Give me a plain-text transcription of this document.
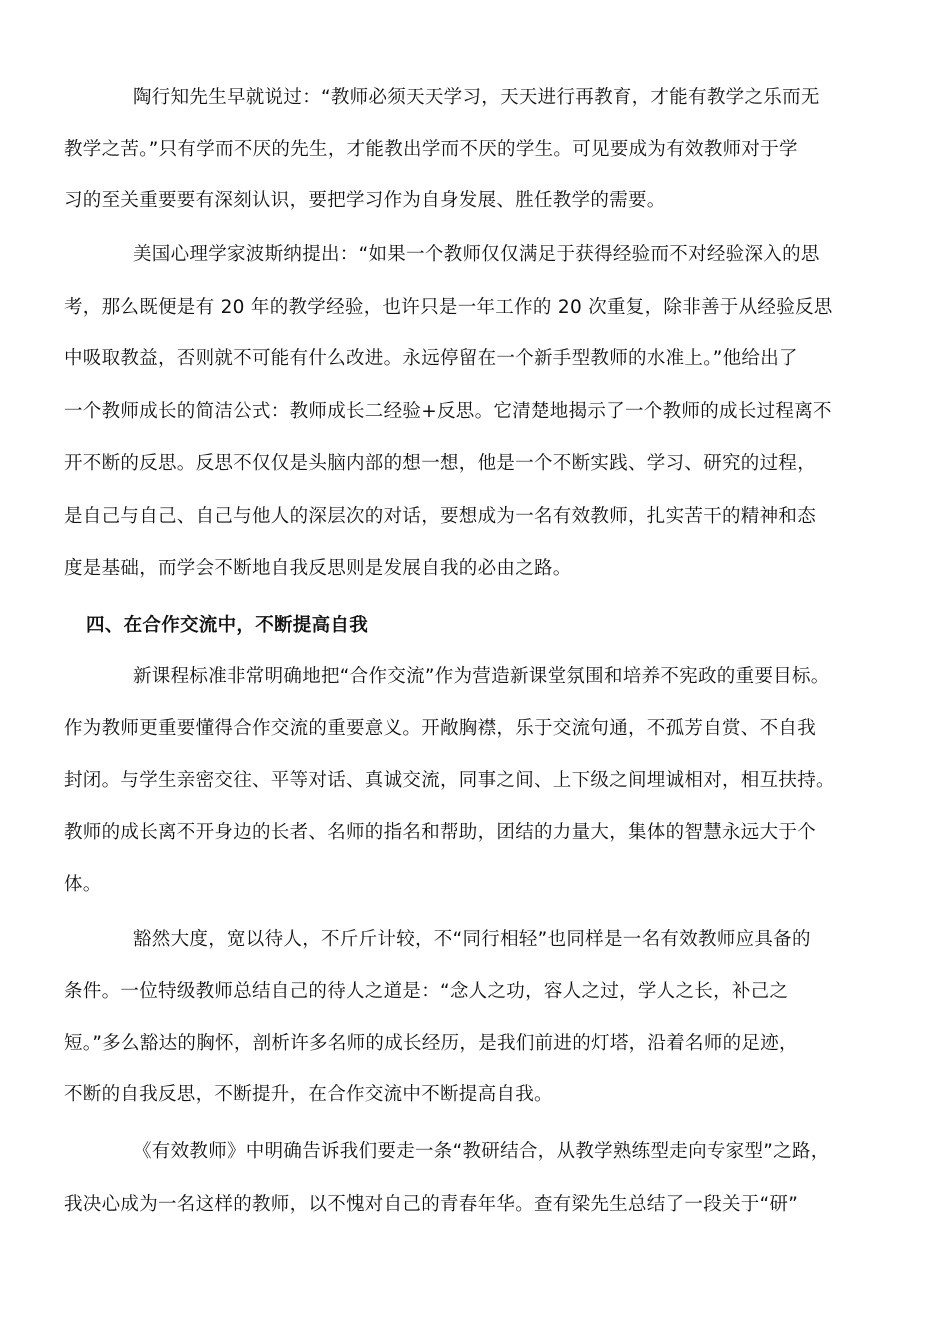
陶行知先生早就说过：“教师必须天天学习，天天进行再教育，才能有教学之乐而无

教学之苦。”只有学而不厌的先生，才能教出学而不厌的学生。可见要成为有效教师对于学

习的至关重要要有深刻认识，要把学习作为自身发展、胜任教学的需要。

美国心理学家波斯纳提出：“如果一个教师仅仅满足于获得经验而不对经验深入的思

考，那么既便是有 20 年的教学经验，也许只是一年工作的 20 次重复，除非善于从经验反思

中吸取教益，否则就不可能有什么改进。永远停留在一个新手型教师的水准上。”他给出了

一个教师成长的简洁公式：教师成长二经验+反思。它清楚地揭示了一个教师的成长过程离不

开不断的反思。反思不仅仅是头脑内部的想一想，他是一个不断实践、学习、研究的过程，

是自己与自己、自己与他人的深层次的对话，要想成为一名有效教师，扎实苦干的精神和态

度是基础，而学会不断地自我反思则是发展自我的必由之路。

四、在合作交流中，不断提高自我

新课程标准非常明确地把“合作交流”作为营造新课堂氛围和培养不宪政的重要目标。

作为教师更重要懂得合作交流的重要意义。开敞胸襟，乐于交流句通，不孤芳自赏、不自我

封闭。与学生亲密交往、平等对话、真诚交流，同事之间、上下级之间埋诚相对，相互扶持。

教师的成长离不开身边的长者、名师的指名和帮助，团结的力量大，集体的智慧永远大于个

体。

豁然大度，宽以待人，不斤斤计较，不“同行相轻”也同样是一名有效教师应具备的

条件。一位特级教师总结自己的待人之道是：“念人之功，容人之过，学人之长，补己之

短。”多么豁达的胸怀，剖析许多名师的成长经历，是我们前进的灯塔，沿着名师的足迹，

不断的自我反思，不断提升，在合作交流中不断提高自我。

《有效教师》中明确告诉我们要走一条“教研结合，从教学熟练型走向专家型”之路，

我决心成为一名这样的教师，以不愧对自己的青春年华。查有梁先生总结了一段关于“研”
